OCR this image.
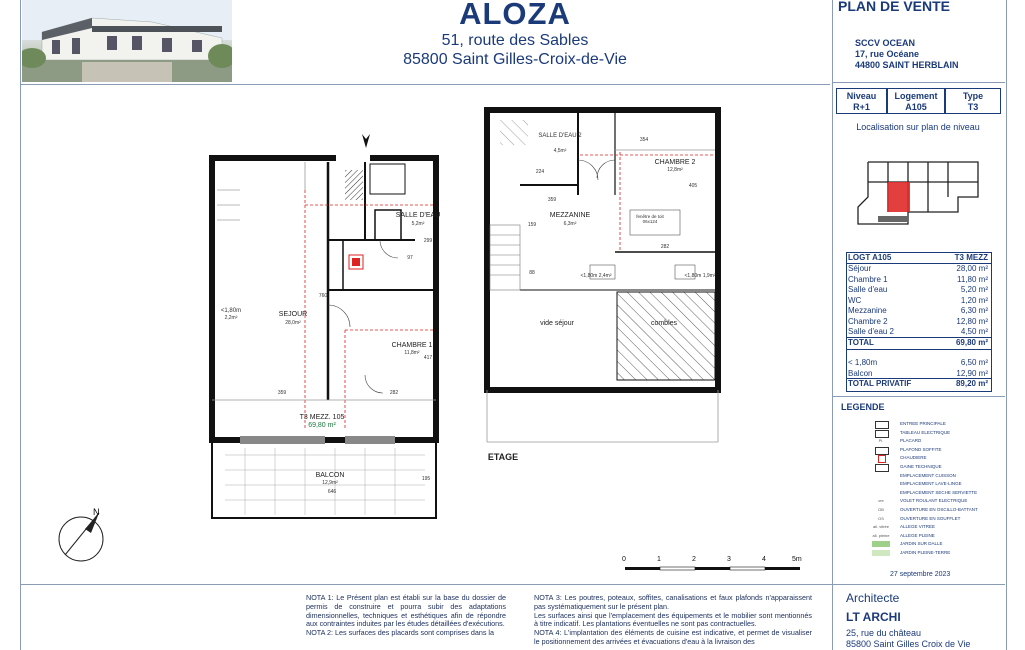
ALOZA
51, route des Sables
85800 Saint Gilles-Croix-de-Vie
PLAN DE VENTE
SCCV OCEAN
17, rue Océane
44800 SAINT HERBLAIN
Niveau
R+1
Logement
A105
Type
T3
Localisation sur plan de niveau
LOGT A105	T3 MEZZ
Séjour	28,00 m²
Chambre 1	11,80 m²
Salle d'eau	5,20 m²
WC	1,20 m²
Mezzanine	6,30 m²
Chambre 2	12,80 m²
Salle d'eau 2	4,50 m²
TOTAL	69,80 m²
< 1,80m	6,50 m²
Balcon	12,90 m²
TOTAL PRIVATIF	89,20 m²
LEGENDE
ENTREE PRINCIPALE
TABLEAU ELECTRIQUE
Pl.	PLACARD
PLAFOND SOFFITE
CHAUDIERE
GAINE TECHNIQUE
EMPLACEMENT CUISSON
EMPLACEMENT LAVE-LINGE
EMPLACEMENT SECHE SERVIETTE
vre	VOLET ROULANT ELECTRIQUE
OB	OUVERTURE EN OSCILLO-BATTANT
OS	OUVERTURE EN SOUFFLET
all. vitrée ALLEGE VITREE
all. pleine ALLEGE PLEINE
JARDIN SUR DALLE
JARDIN PLEINE-TERRE
27 septembre 2023
0	1	2	3	4	5m
N
SEJOUR
28,0m²
SALLE D'EAU
5,2m²
CHAMBRE 1
11,8m²
BALCON
12,9m²
<1,80m
2,2m²
T3 MEZZ. 105
69,80 m²
359	282
646
760
417
299
97
195
ETAGE
SALLE D'EAU 2
4,5m²
CHAMBRE 2
12,8m²
MEZZANINE
6,3m²
vide séjour	combles
fenêtre de toit 06x124
354
405
359
282
224
159
88	<1,80m 2,4m²	<1,80m 1,9m²
NOTA 1: Le Présent plan est établi sur la base du dossier de permis de construire et pourra subir des adaptations dimensionnelles, techniques et esthétiques afin de répondre aux contraintes induites par les études détaillées d'exécutions.
NOTA 2: Les surfaces des placards sont comprises dans la
NOTA 3: Les poutres, poteaux, soffites, canalisations et faux plafonds n'apparaissent pas systématiquement sur le présent plan.
Les surfaces ainsi que l'emplacement des équipements et le mobilier sont mentionnés à titre indicatif. Les plantations éventuelles ne sont pas contractuelles.
NOTA 4: L'implantation des éléments de cuisine est indicative, et permet de visualiser le positionnement des arrivées et évacuations d'eau à la livraison des
Architecte
LT ARCHI
25, rue du château
85800 Saint Gilles Croix de Vie
